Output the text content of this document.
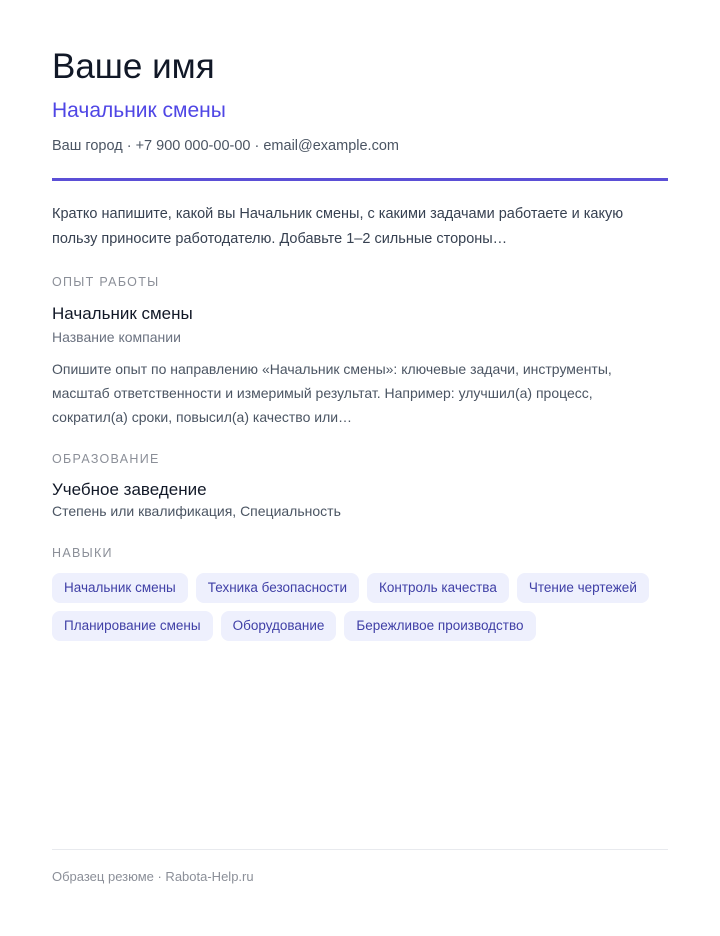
Ваше имя
Начальник смены
Ваш город · +7 900 000-00-00 · email@example.com
Кратко напишите, какой вы Начальник смены, с какими задачами работаете и какую пользу приносите работодателю. Добавьте 1–2 сильные стороны…
ОПЫТ РАБОТЫ
Начальник смены
Название компании
Опишите опыт по направлению «Начальник смены»: ключевые задачи, инструменты, масштаб ответственности и измеримый результат. Например: улучшил(а) процесс, сократил(а) сроки, повысил(а) качество или…
ОБРАЗОВАНИЕ
Учебное заведение
Степень или квалификация, Специальность
НАВЫКИ
Начальник смены	Техника безопасности	Контроль качества	Чтение чертежей
Планирование смены	Оборудование	Бережливое производство
Образец резюме · Rabota-Help.ru
